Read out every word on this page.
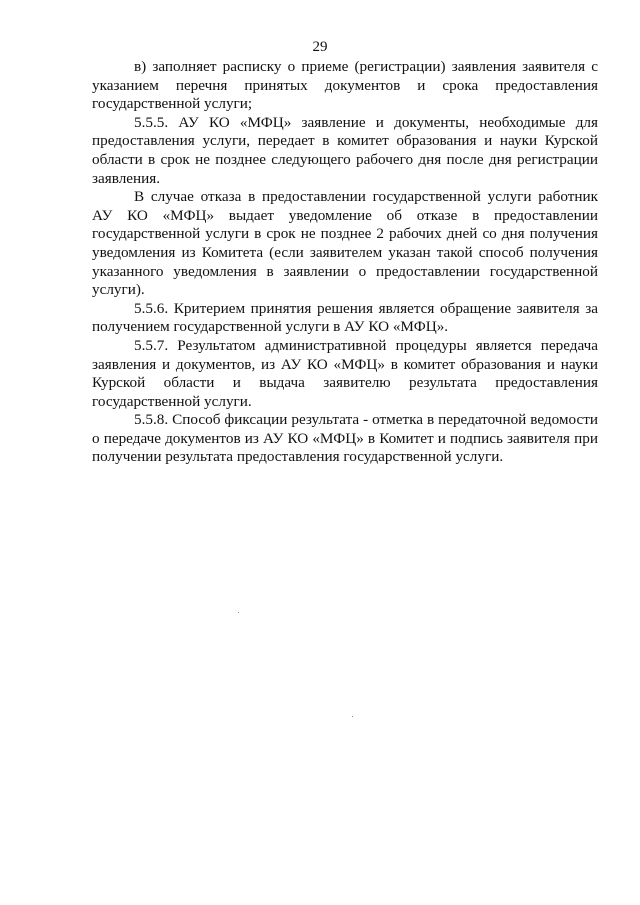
29

в) заполняет расписку о приеме (регистрации) заявления заявителя с указанием перечня принятых документов и срока предоставления государственной услуги;

5.5.5. АУ КО «МФЦ» заявление и документы, необходимые для предоставления услуги, передает в комитет образования и науки Курской области в срок не позднее следующего рабочего дня после дня регистрации заявления.

В случае отказа в предоставлении государственной услуги работник АУ КО «МФЦ» выдает уведомление об отказе в предоставлении государственной услуги в срок не позднее 2 рабочих дней со дня получения уведомления из Комитета (если заявителем указан такой способ получения указанного уведомления в заявлении о предоставлении государственной услуги).

5.5.6. Критерием принятия решения является обращение заявителя за получением государственной услуги в АУ КО «МФЦ».

5.5.7. Результатом административной процедуры является передача заявления и документов, из АУ КО «МФЦ» в комитет образования и науки Курской области и выдача заявителю результата предоставления государственной услуги.

5.5.8. Способ фиксации результата - отметка в передаточной ведомости о передаче документов из АУ КО «МФЦ» в Комитет и подпись заявителя при получении результата предоставления государственной услуги.
